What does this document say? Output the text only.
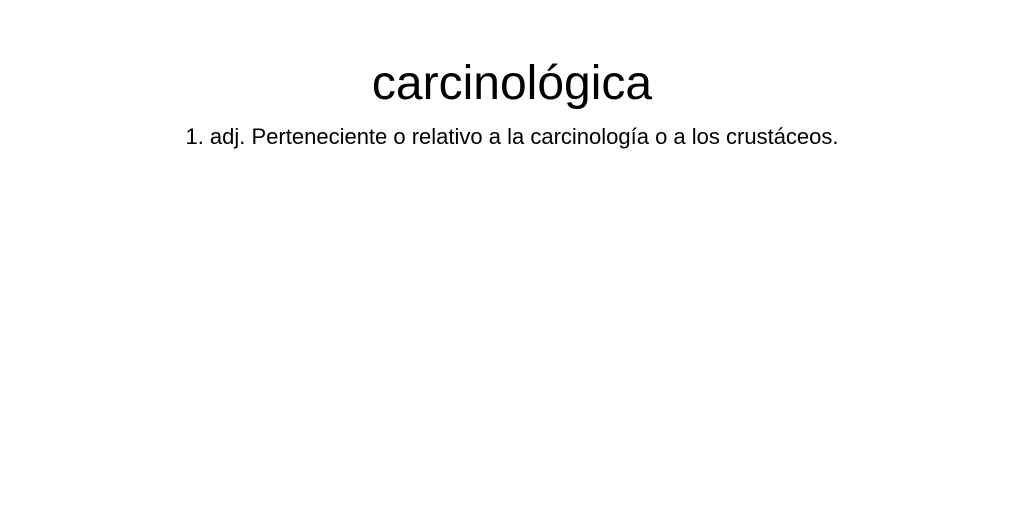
carcinológica

1. adj. Perteneciente o relativo a la carcinología o a los crustáceos.
